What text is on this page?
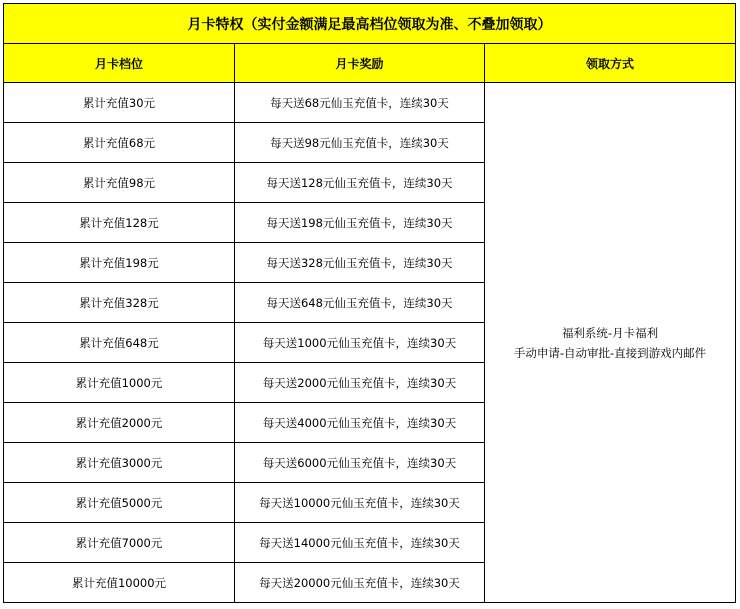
月卡特权（实付金额满足最高档位领取为准、不叠加领取）		
月卡档位	月卡奖励	领取方式
累计充值30元	每天送68元仙玉充值卡，连续30天	福利系统-月卡福利
手动申请-自动审批-直接到游戏内邮件

累计充值68元	每天送98元仙玉充值卡，连续30天	
累计充值98元	每天送128元仙玉充值卡，连续30天	
累计充值128元	每天送198元仙玉充值卡，连续30天	
累计充值198元	每天送328元仙玉充值卡，连续30天	
累计充值328元	每天送648元仙玉充值卡，连续30天	
累计充值648元	每天送1000元仙玉充值卡，连续30天	
累计充值1000元	每天送2000元仙玉充值卡，连续30天	
累计充值2000元	每天送4000元仙玉充值卡，连续30天	
累计充值3000元	每天送6000元仙玉充值卡，连续30天	
累计充值5000元	每天送10000元仙玉充值卡，连续30天	
累计充值7000元	每天送14000元仙玉充值卡，连续30天	
累计充值10000元	每天送20000元仙玉充值卡，连续30天	
